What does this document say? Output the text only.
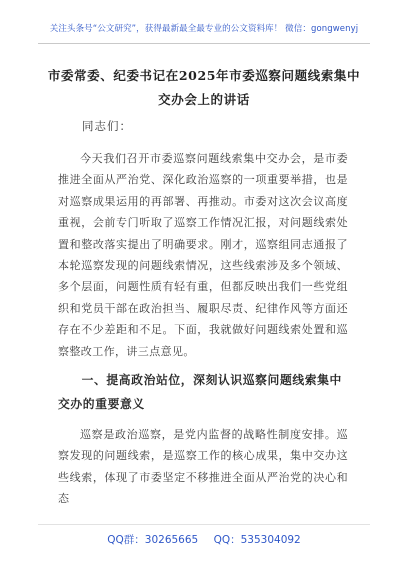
关注头条号“公文研究”，获得最新最全最专业的公文资料库！ 微信：gongwenyj
市委常委、纪委书记在2025年市委巡察问题线索集中交办会上的讲话
同志们：
今天我们召开市委巡察问题线索集中交办会，是市委推进全面从严治党、深化政治巡察的一项重要举措，也是对巡察成果运用的再部署、再推动。市委对这次会议高度重视，会前专门听取了巡察工作情况汇报，对问题线索处置和整改落实提出了明确要求。刚才，巡察组同志通报了本轮巡察发现的问题线索情况，这些线索涉及多个领域、多个层面，问题性质有轻有重，但都反映出我们一些党组织和党员干部在政治担当、履职尽责、纪律作风等方面还存在不少差距和不足。下面，我就做好问题线索处置和巡察整改工作，讲三点意见。
一、提高政治站位，深刻认识巡察问题线索集中交办的重要意义
巡察是政治巡察，是党内监督的战略性制度安排。巡察发现的问题线索，是巡察工作的核心成果，集中交办这些线索，体现了市委坚定不移推进全面从严治党的决心和态
QQ群：30265665 QQ：535304092
